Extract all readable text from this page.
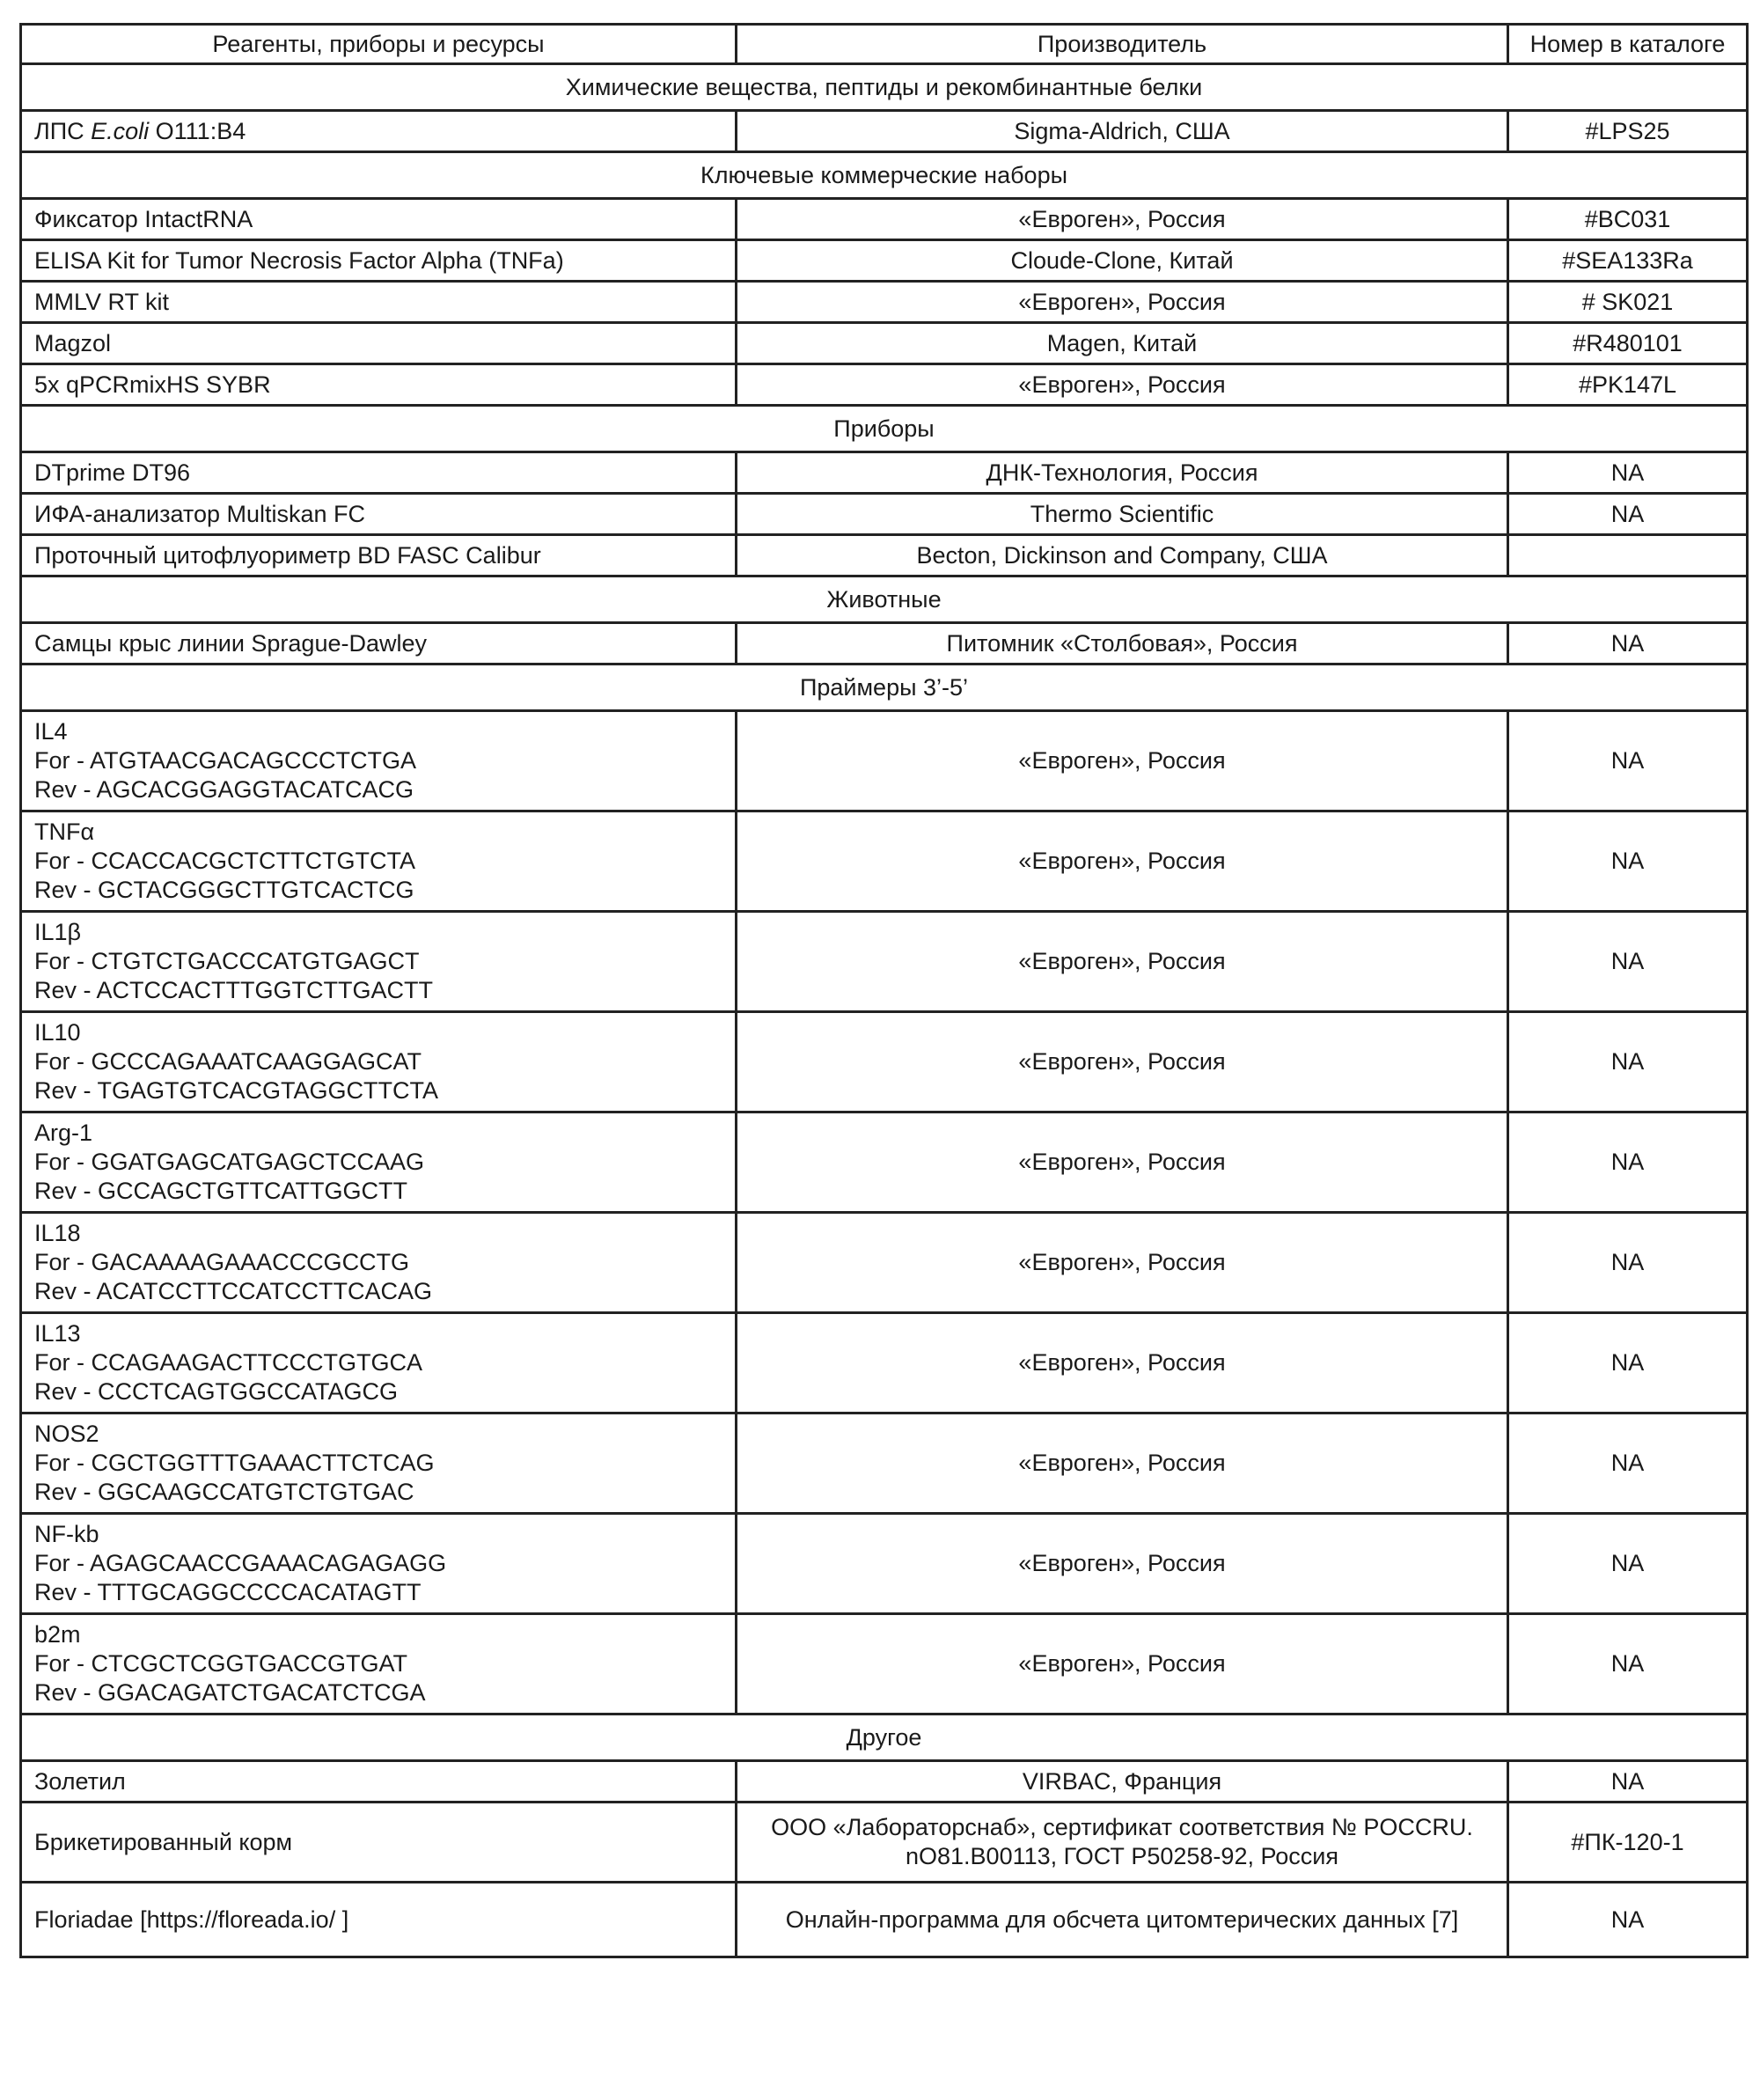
Реагенты, приборы и ресурсы	Производитель	Номер в каталоге
Химические вещества, пептиды и рекомбинантные белки		
ЛПС E.coli O111:B4	Sigma-Aldrich, США	#LPS25
Ключевые коммерческие наборы		
Фиксатор IntactRNA	«Евроген», Россия	#BC031
ELISA Kit for Tumor Necrosis Factor Alpha (TNFa)	Cloude-Clone, Китай	#SEA133Ra
MMLV RT kit	«Евроген», Россия	# SK021
Magzol	Magen, Китай	#R480101
5x qPCRmixHS SYBR	«Евроген», Россия	#PK147L
Приборы		
DTprime DT96	ДНК-Технология, Россия	NA
ИФА-анализатор Multiskan FC	Thermo Scientific	NA
Проточный цитофлуориметр BD FASC Calibur	Becton, Dickinson and Company, США	
Животные		
Самцы крыс линии Sprague-Dawley	Питомник «Столбовая», Россия	NA
Праймеры 3’-5’		

IL4
For - ATGTAACGACAGCCCTCTGA
Rev - AGCACGGAGGTACATCACG	«Евроген», Россия	NA

TNFα
For - CCACCACGCTCTTCTGTCTA
Rev - GCTACGGGCTTGTCACTCG	«Евроген», Россия	NA

IL1β
For - CTGTCTGACCCATGTGAGCT
Rev - ACTCCACTTTGGTCTTGACTT	«Евроген», Россия	NA

IL10
For - GCCCAGAAATCAAGGAGCAT
Rev - TGAGTGTCACGTAGGCTTCTA	«Евроген», Россия	NA

Arg-1
For - GGATGAGCATGAGCTCCAAG
Rev - GCCAGCTGTTCATTGGCTT	«Евроген», Россия	NA

IL18
For - GACAAAAGAAACCCGCCTG
Rev - ACATCCTTCCATCCTTCACAG	«Евроген», Россия	NA

IL13
For - CCAGAAGACTTCCCTGTGCA
Rev - CCCTCAGTGGCCATAGCG	«Евроген», Россия	NA

NOS2
For - CGCTGGTTTGAAACTTCTCAG
Rev - GGCAAGCCATGTCTGTGAC	«Евроген», Россия	NA

NF-kb
For - AGAGCAACCGAAACAGAGAGG
Rev - TTTGCAGGCCCCACATAGTT	«Евроген», Россия	NA

b2m
For - CTCGCTCGGTGACCGTGAT
Rev - GGACAGATCTGACATCTCGA	«Евроген», Россия	NA
Другое		
Золетил	VIRBAC, Франция	NA
Брикетированный корм	ООО «Лабораторснаб», сертификат соответствия № POCCRU.
nO81.B00113, ГОСТ P50258-92, Россия	#ПК-120-1
Floriadae [https://floreada.io/ ]	Онлайн-программа для обсчета цитомтерических данных [7]	NA
